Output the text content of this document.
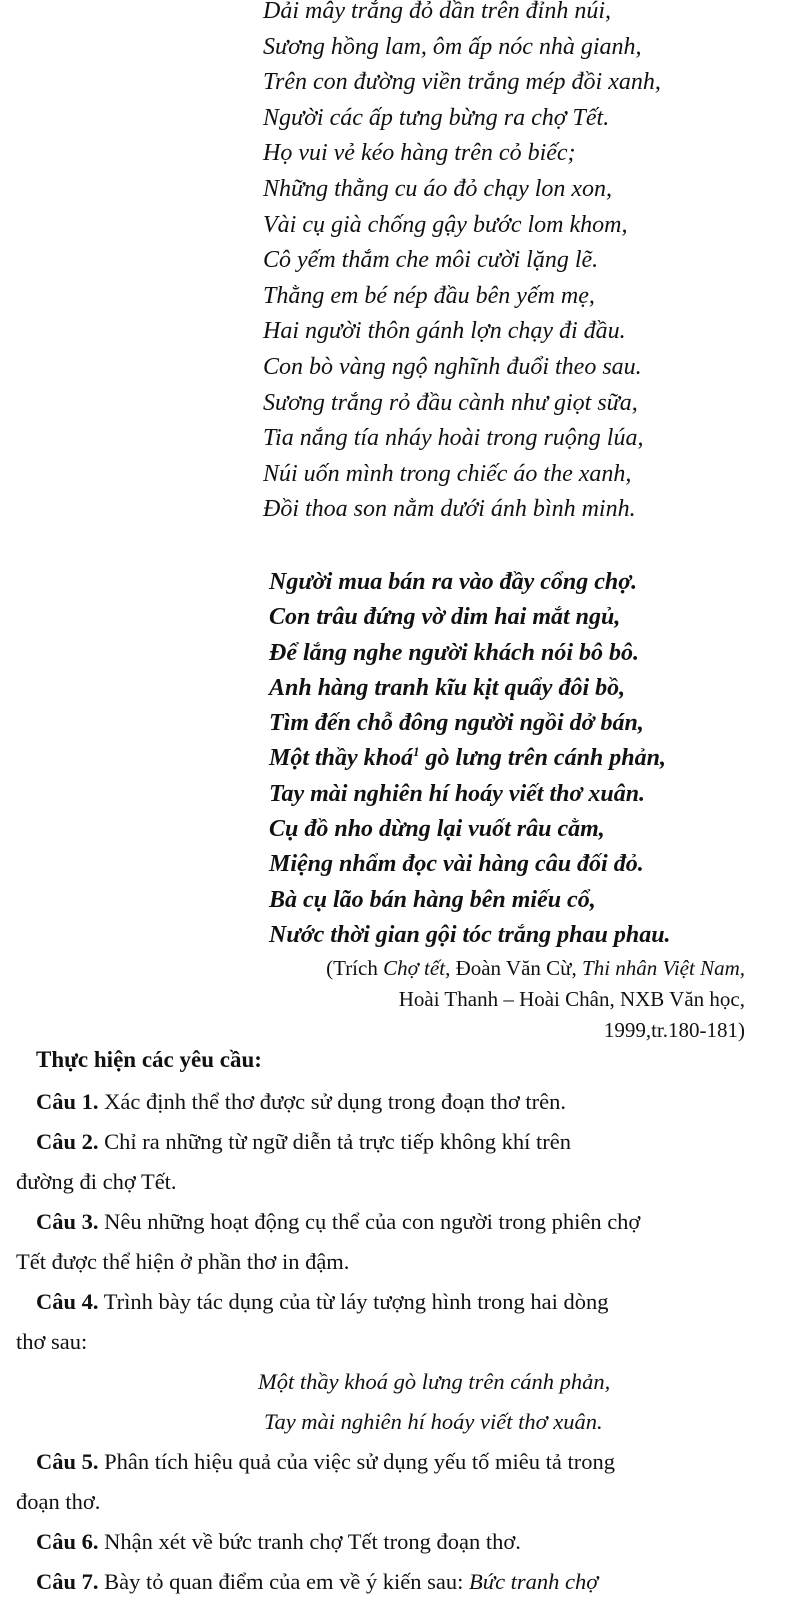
Dải mây trắng đỏ dần trên đỉnh núi,
Sương hồng lam, ôm ấp nóc nhà gianh,
Trên con đường viền trắng mép đồi xanh,
Người các ấp tưng bừng ra chợ Tết.
Họ vui vẻ kéo hàng trên cỏ biếc;
Những thằng cu áo đỏ chạy lon xon,
Vài cụ già chống gậy bước lom khom,
Cô yếm thắm che môi cười lặng lẽ.
Thằng em bé nép đầu bên yếm mẹ,
Hai người thôn gánh lợn chạy đi đầu.
Con bò vàng ngộ nghĩnh đuổi theo sau.
Sương trắng rỏ đầu cành như giọt sữa,
Tia nắng tía nháy hoài trong ruộng lúa,
Núi uốn mình trong chiếc áo the xanh,
Đồi thoa son nằm dưới ánh bình minh.
Người mua bán ra vào đầy cổng chợ.
Con trâu đứng vờ dim hai mắt ngủ,
Để lắng nghe người khách nói bô bô.
Anh hàng tranh kĩu kịt quẩy đôi bồ,
Tìm đến chỗ đông người ngồi dở bán,
Một thầy khoá$^1$ gò lưng trên cánh phản,
Tay mài nghiên hí hoáy viết thơ xuân.
Cụ đồ nho dừng lại vuốt râu cằm,
Miệng nhẩm đọc vài hàng câu đối đỏ.
Bà cụ lão bán hàng bên miếu cổ,
Nước thời gian gội tóc trắng phau phau.
(Trích Chợ tết, Đoàn Văn Cừ, Thi nhân Việt Nam,
Hoài Thanh – Hoài Chân, NXB Văn học,
1999,tr.180-181)
Thực hiện các yêu cầu:
Câu 1. Xác định thể thơ được sử dụng trong đoạn thơ trên.
Câu 2. Chỉ ra những từ ngữ diễn tả trực tiếp không khí trên
đường đi chợ Tết.
Câu 3. Nêu những hoạt động cụ thể của con người trong phiên chợ
Tết được thể hiện ở phần thơ in đậm.
Câu 4. Trình bày tác dụng của từ láy tượng hình trong hai dòng
thơ sau:
Một thầy khoá gò lưng trên cánh phản,
Tay mài nghiên hí hoáy viết thơ xuân.
Câu 5. Phân tích hiệu quả của việc sử dụng yếu tố miêu tả trong
đoạn thơ.
Câu 6. Nhận xét về bức tranh chợ Tết trong đoạn thơ.
Câu 7. Bày tỏ quan điểm của em về ý kiến sau: Bức tranh chợ
